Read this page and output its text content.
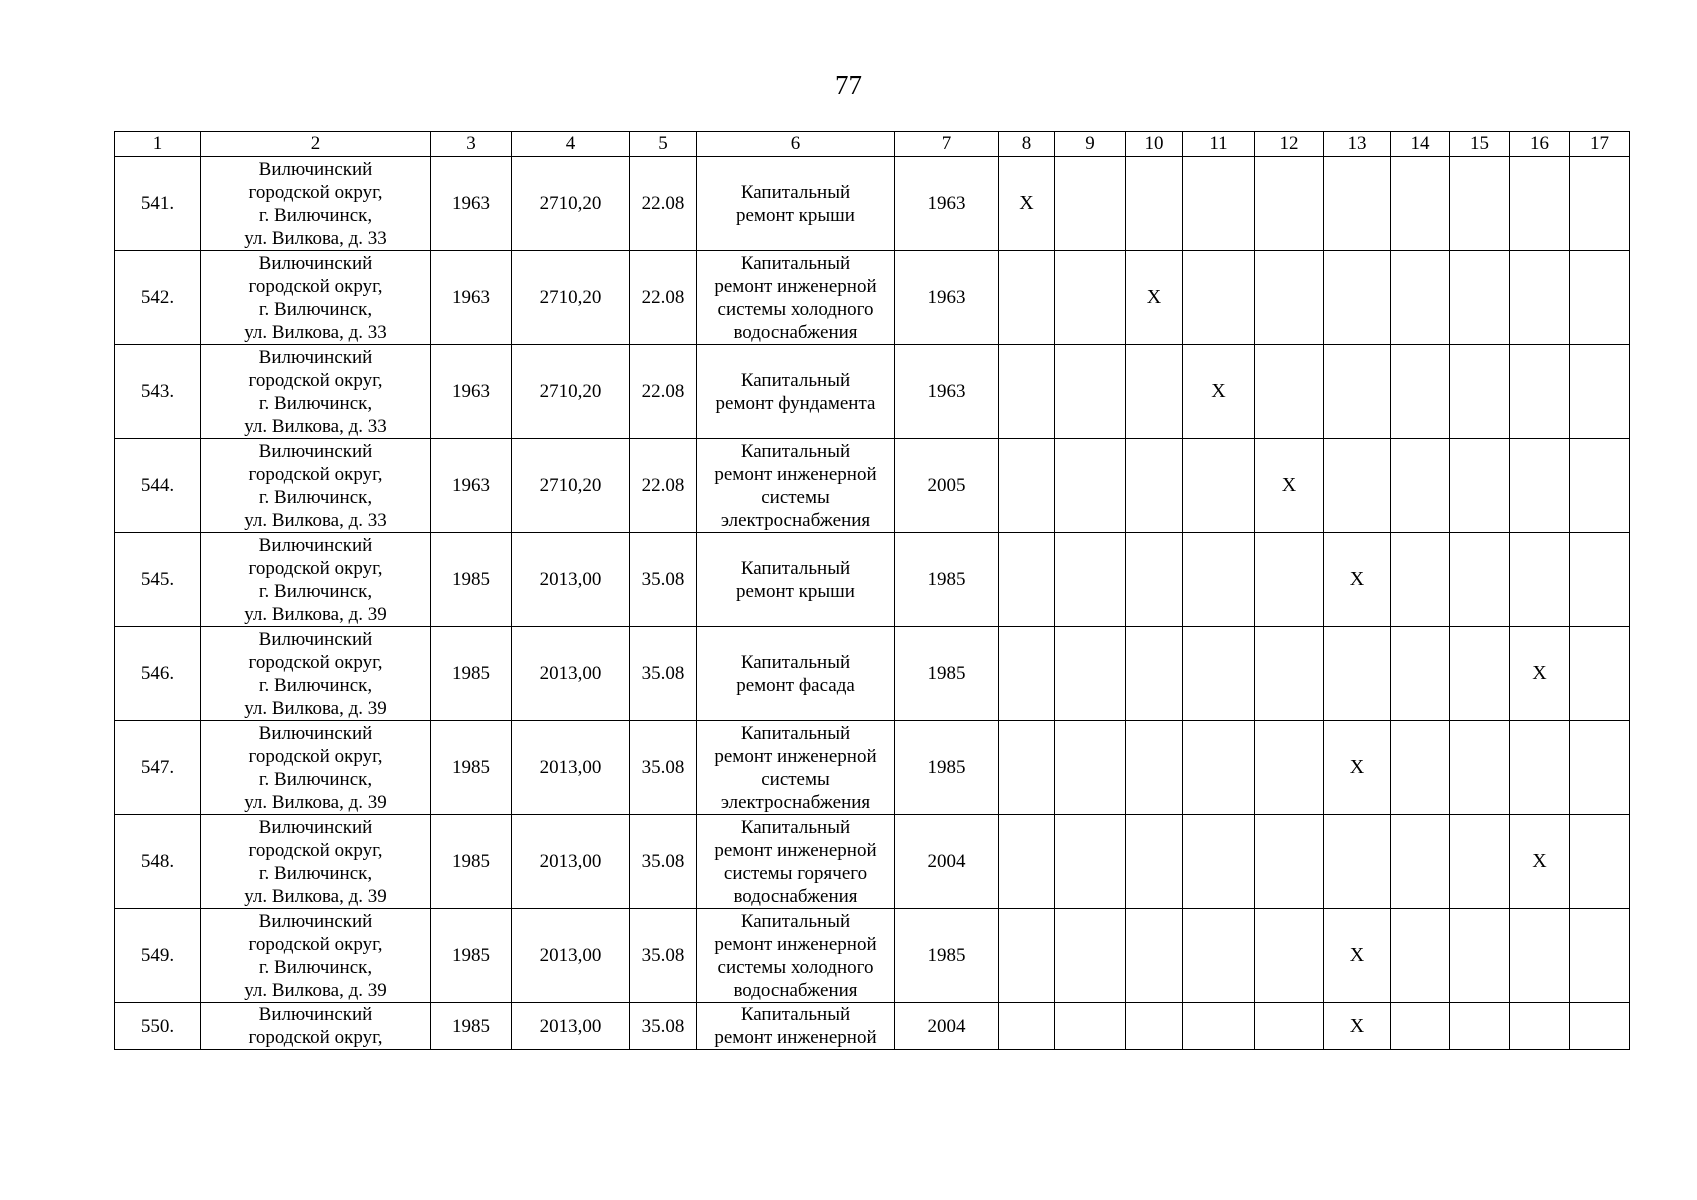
77
1	2	3	4	5	6	7	8	9	10	11	12	13	14	15	16	17
541.	Вилючинский
городской округ,
г. Вилючинск,
ул. Вилкова, д. 33	1963	2710,20	22.08	Капитальный
ремонт крыши	1963	Х									
542.	Вилючинский
городской округ,
г. Вилючинск,
ул. Вилкова, д. 33	1963	2710,20	22.08	Капитальный
ремонт инженерной
системы холодного
водоснабжения	1963			Х							
543.	Вилючинский
городской округ,
г. Вилючинск,
ул. Вилкова, д. 33	1963	2710,20	22.08	Капитальный
ремонт фундамента	1963				Х						
544.	Вилючинский
городской округ,
г. Вилючинск,
ул. Вилкова, д. 33	1963	2710,20	22.08	Капитальный
ремонт инженерной
системы
электроснабжения	2005					Х					
545.	Вилючинский
городской округ,
г. Вилючинск,
ул. Вилкова, д. 39	1985	2013,00	35.08	Капитальный
ремонт крыши	1985						Х				
546.	Вилючинский
городской округ,
г. Вилючинск,
ул. Вилкова, д. 39	1985	2013,00	35.08	Капитальный
ремонт фасада	1985									Х	
547.	Вилючинский
городской округ,
г. Вилючинск,
ул. Вилкова, д. 39	1985	2013,00	35.08	Капитальный
ремонт инженерной
системы
электроснабжения	1985						Х				
548.	Вилючинский
городской округ,
г. Вилючинск,
ул. Вилкова, д. 39	1985	2013,00	35.08	Капитальный
ремонт инженерной
системы горячего
водоснабжения	2004									Х	
549.	Вилючинский
городской округ,
г. Вилючинск,
ул. Вилкова, д. 39	1985	2013,00	35.08	Капитальный
ремонт инженерной
системы холодного
водоснабжения	1985						Х				
550.	Вилючинский
городской округ,	1985	2013,00	35.08	Капитальный
ремонт инженерной	2004						Х				
